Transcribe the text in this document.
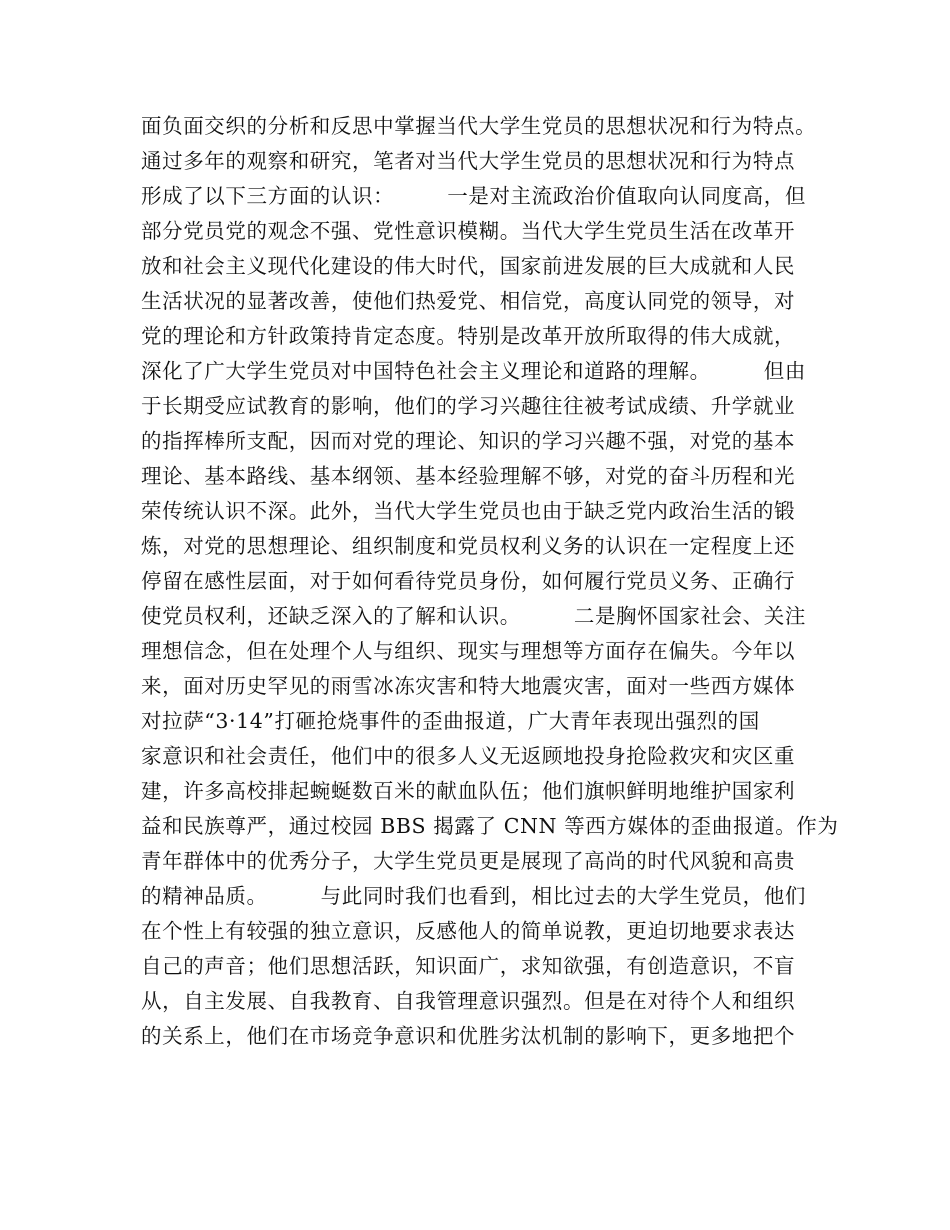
面负面交织的分析和反思中掌握当代大学生党员的思想状况和行为特点。
通过多年的观察和研究，笔者对当代大学生党员的思想状况和行为特点
形成了以下三方面的认识：　　　一是对主流政治价值取向认同度高，但
部分党员党的观念不强、党性意识模糊。当代大学生党员生活在改革开
放和社会主义现代化建设的伟大时代，国家前进发展的巨大成就和人民
生活状况的显著改善，使他们热爱党、相信党，高度认同党的领导，对
党的理论和方针政策持肯定态度。特别是改革开放所取得的伟大成就，
深化了广大学生党员对中国特色社会主义理论和道路的理解。　　　但由
于长期受应试教育的影响，他们的学习兴趣往往被考试成绩、升学就业
的指挥棒所支配，因而对党的理论、知识的学习兴趣不强，对党的基本
理论、基本路线、基本纲领、基本经验理解不够，对党的奋斗历程和光
荣传统认识不深。此外，当代大学生党员也由于缺乏党内政治生活的锻
炼，对党的思想理论、组织制度和党员权利义务的认识在一定程度上还
停留在感性层面，对于如何看待党员身份，如何履行党员义务、正确行
使党员权利，还缺乏深入的了解和认识。　　　二是胸怀国家社会、关注
理想信念，但在处理个人与组织、现实与理想等方面存在偏失。今年以
来，面对历史罕见的雨雪冰冻灾害和特大地震灾害，面对一些西方媒体
对拉萨“3·14”打砸抢烧事件的歪曲报道，广大青年表现出强烈的国
家意识和社会责任，他们中的很多人义无返顾地投身抢险救灾和灾区重
建，许多高校排起蜿蜒数百米的献血队伍；他们旗帜鲜明地维护国家利
益和民族尊严，通过校园 BBS 揭露了 CNN 等西方媒体的歪曲报道。作为
青年群体中的优秀分子，大学生党员更是展现了高尚的时代风貌和高贵
的精神品质。　　　与此同时我们也看到，相比过去的大学生党员，他们
在个性上有较强的独立意识，反感他人的简单说教，更迫切地要求表达
自己的声音；他们思想活跃，知识面广，求知欲强，有创造意识，不盲
从，自主发展、自我教育、自我管理意识强烈。但是在对待个人和组织
的关系上，他们在市场竞争意识和优胜劣汰机制的影响下，更多地把个
